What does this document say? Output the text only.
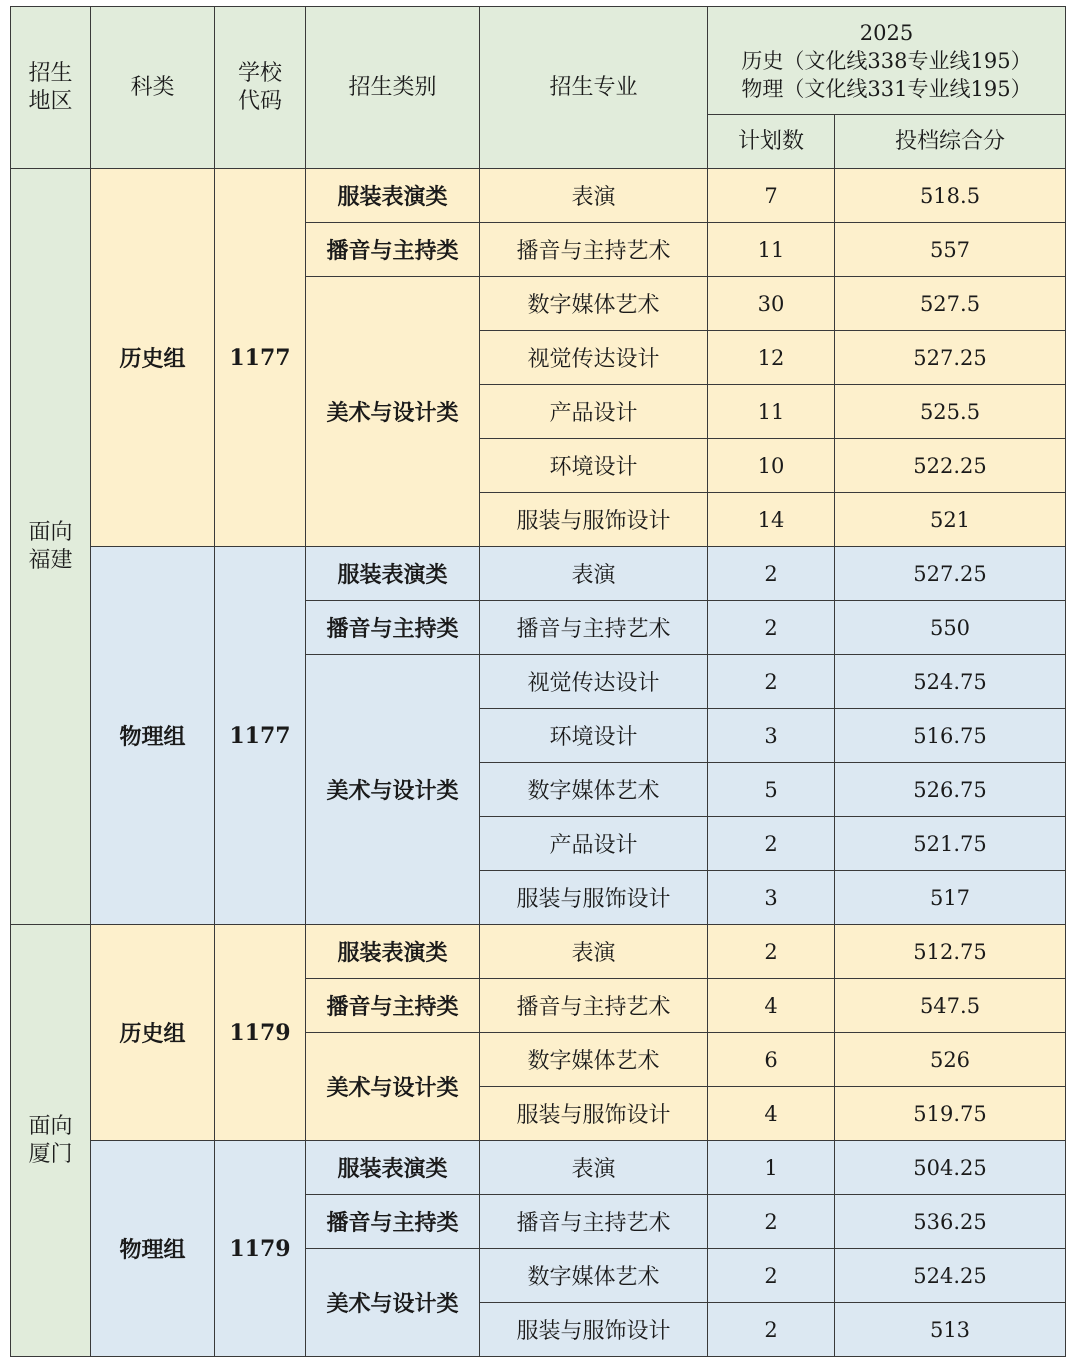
招生地区	科类	学校代码	招生类别	招生专业	2025
历史（文化线338专业线195）
物理（文化线331专业线195）	

					计划数	投档综合分
面向福建	历史组	1177	服装表演类	表演	7	518.5
			播音与主持类	播音与主持艺术	11	557
			美术与设计类	数字媒体艺术	30	527.5
				视觉传达设计	12	527.25
				产品设计	11	525.5
				环境设计	10	522.25
				服装与服饰设计	14	521
	物理组	1177	服装表演类	表演	2	527.25
			播音与主持类	播音与主持艺术	2	550
			美术与设计类	视觉传达设计	2	524.75
				环境设计	3	516.75
				数字媒体艺术	5	526.75
				产品设计	2	521.75
				服装与服饰设计	3	517
面向厦门	历史组	1179	服装表演类	表演	2	512.75
			播音与主持类	播音与主持艺术	4	547.5
			美术与设计类	数字媒体艺术	6	526
				服装与服饰设计	4	519.75
	物理组	1179	服装表演类	表演	1	504.25
			播音与主持类	播音与主持艺术	2	536.25
			美术与设计类	数字媒体艺术	2	524.25
				服装与服饰设计	2	513
